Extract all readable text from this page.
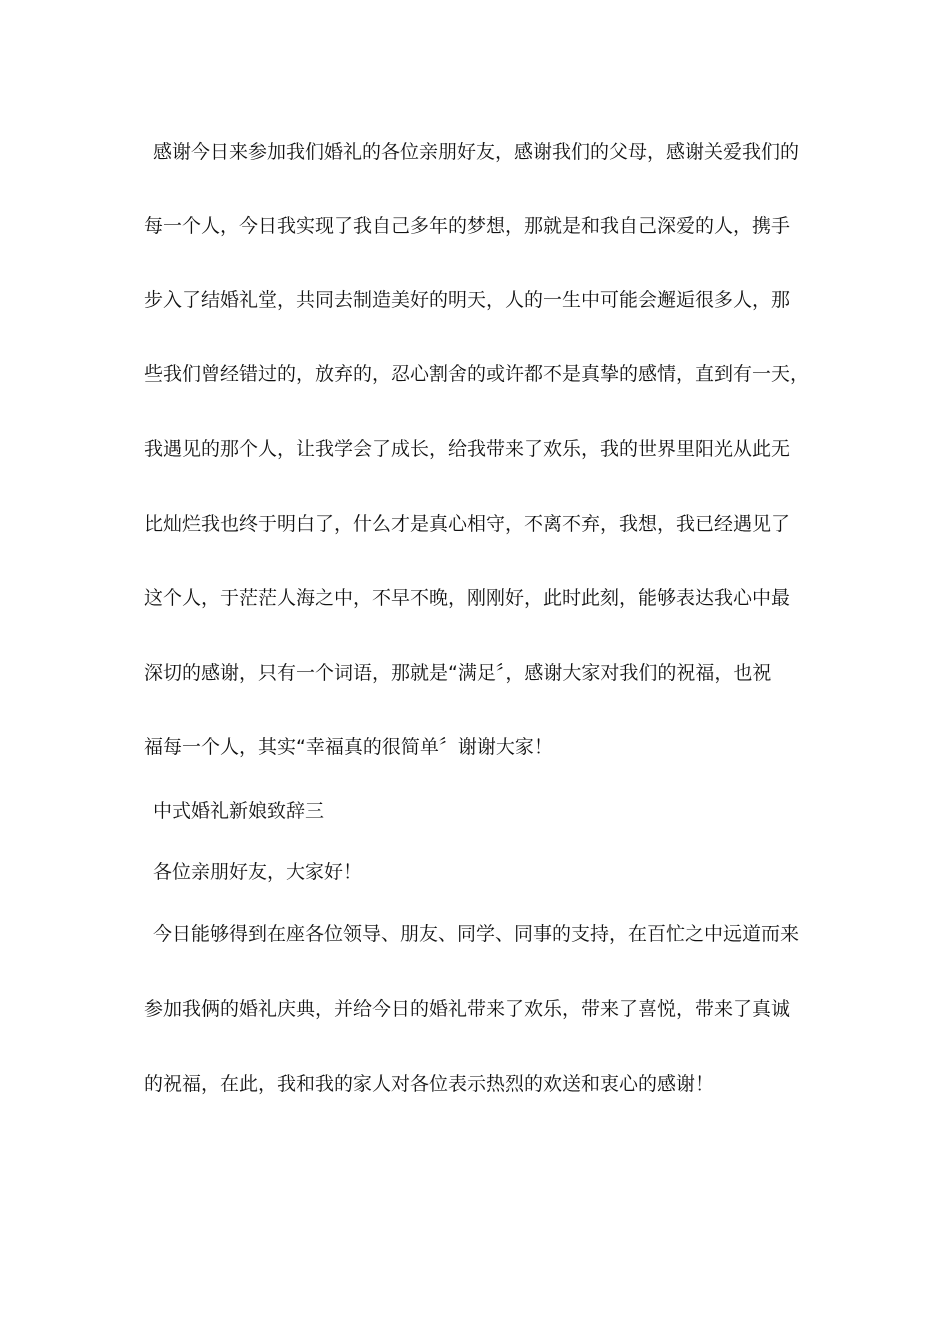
感谢今日来参加我们婚礼的各位亲朋好友，感谢我们的父母，感谢关爱我们的
每一个人，今日我实现了我自己多年的梦想，那就是和我自己深爱的人，携手
步入了结婚礼堂，共同去制造美好的明天，人的一生中可能会邂逅很多人，那
些我们曾经错过的，放弃的，忍心割舍的或许都不是真挚的感情，直到有一天，
我遇见的那个人，让我学会了成长，给我带来了欢乐，我的世界里阳光从此无
比灿烂我也终于明白了，什么才是真心相守，不离不弃，我想，我已经遇见了
这个人，于茫茫人海之中，不早不晚，刚刚好，此时此刻，能够表达我心中最
深切的感谢，只有一个词语，那就是“满足〞，感谢大家对我们的祝福，也祝
福每一个人，其实“幸福真的很简单〞谢谢大家！
中式婚礼新娘致辞三
各位亲朋好友，大家好！
今日能够得到在座各位领导、朋友、同学、同事的支持，在百忙之中远道而来
参加我俩的婚礼庆典，并给今日的婚礼带来了欢乐，带来了喜悦，带来了真诚
的祝福，在此，我和我的家人对各位表示热烈的欢送和衷心的感谢！
